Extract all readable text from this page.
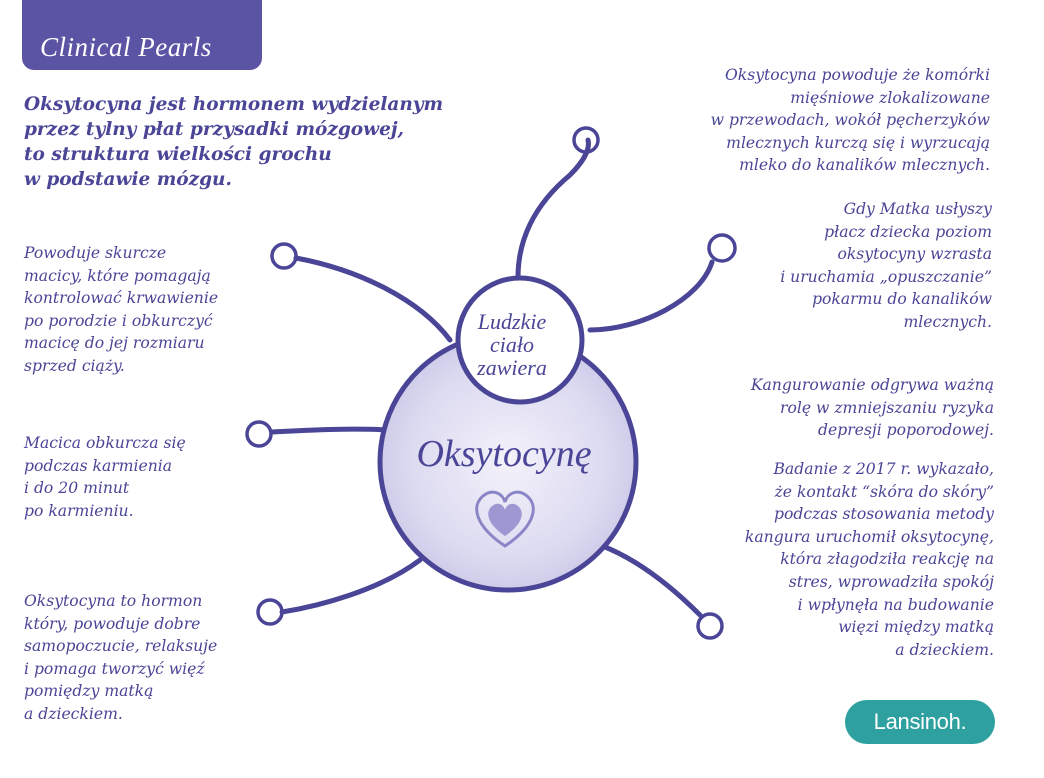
Clinical Pearls
Oksytocyna jest hormonem wydzielanym
przez tylny płat przysadki mózgowej,
to struktura wielkości grochu
w podstawie mózgu.
Ludzkie
ciało
zawiera
Oksytocynę
Powoduje skurcze
macicy, które pomagają
kontrolować krwawienie
po porodzie i obkurczyć
macicę do jej rozmiaru
sprzed ciąży.
Macica obkurcza się
podczas karmienia
i do 20 minut
po karmieniu.
Oksytocyna to hormon
który, powoduje dobre
samopoczucie, relaksuje
i pomaga tworzyć więź
pomiędzy matką
a dzieckiem.
Oksytocyna powoduje że komórki
mięśniowe zlokalizowane
w przewodach, wokół pęcherzyków
mlecznych kurczą się i wyrzucają
mleko do kanalików mlecznych.
Gdy Matka usłyszy
płacz dziecka poziom
oksytocyny wzrasta
i uruchamia „opuszczanie”
pokarmu do kanalików
mlecznych.
Kangurowanie odgrywa ważną
rolę w zmniejszaniu ryzyka
depresji poporodowej.
Badanie z 2017 r. wykazało,
że kontakt “skóra do skóry”
podczas stosowania metody
kangura uruchomił oksytocynę,
która złagodziła reakcję na
stres, wprowadziła spokój
i wpłynęła na budowanie
więzi między matką
a dzieckiem.
Lansinoh.
